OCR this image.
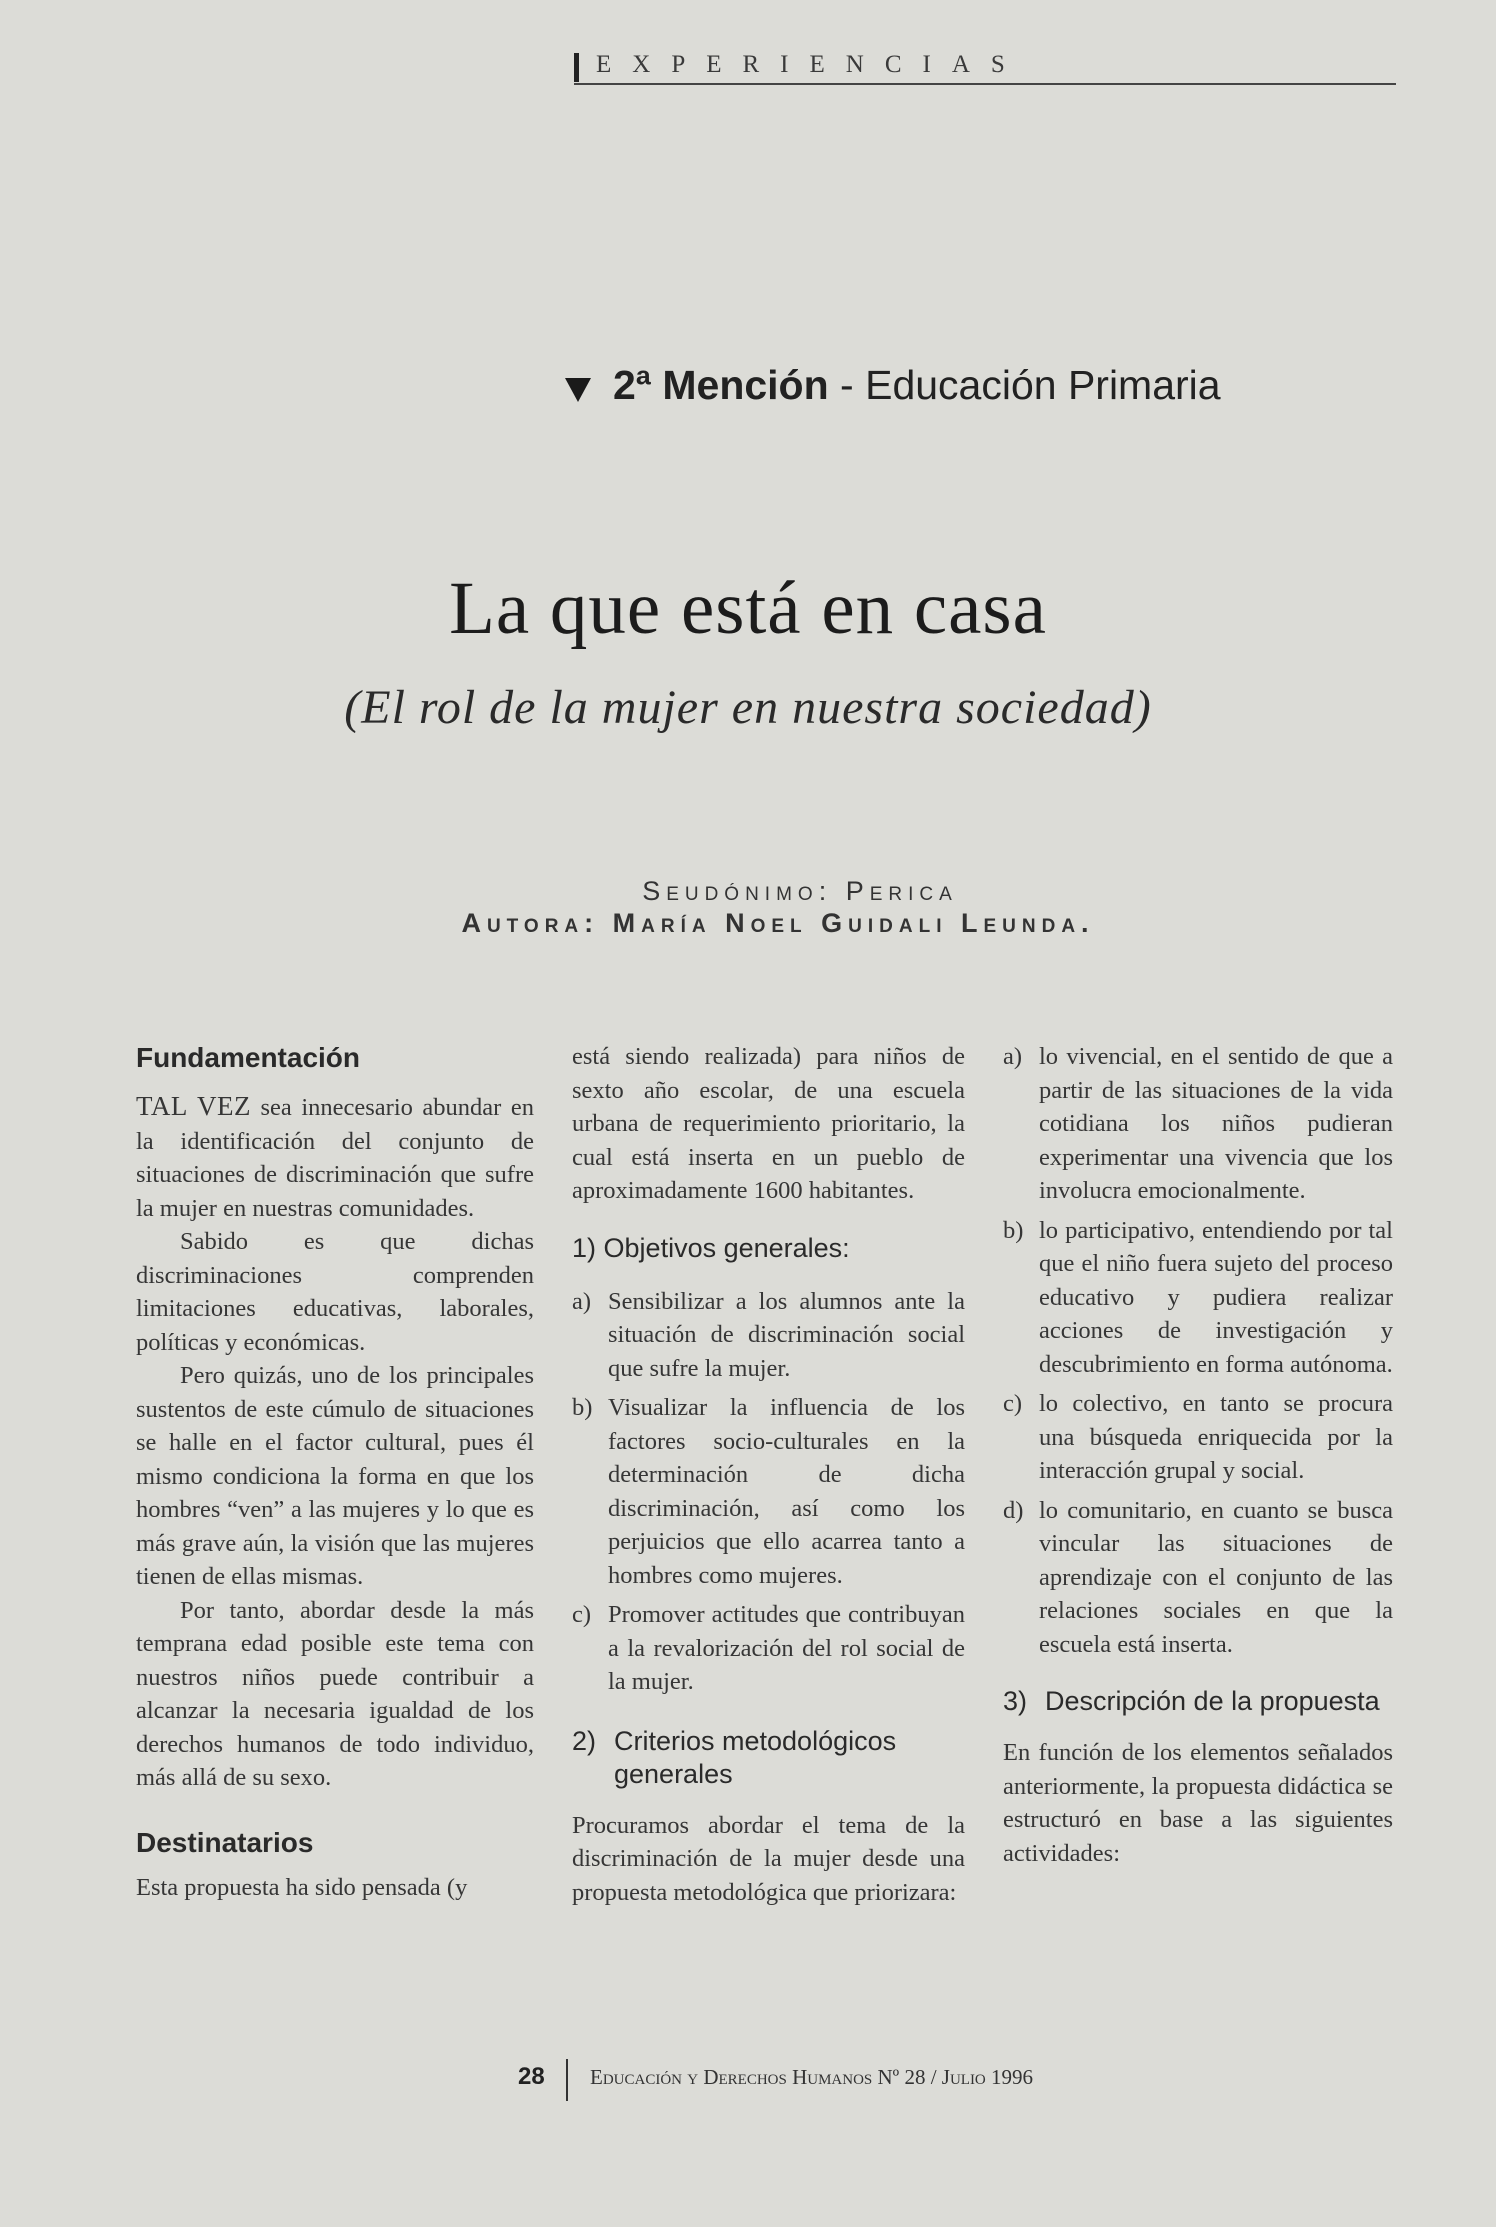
EXPERIENCIAS
2ª Mención - Educación Primaria
La que está en casa
(El rol de la mujer en nuestra sociedad)
Seudónimo: Perica
Autora: María Noel Guidali Leunda.
Fundamentación

TAL VEZ sea innecesario abundar en la identificación del conjunto de situaciones de discriminación que sufre la mujer en nuestras comunidades.

Sabido es que dichas discriminaciones comprenden limitaciones educativas, laborales, políticas y económicas.

Pero quizás, uno de los principales sustentos de este cúmulo de situaciones se halle en el factor cultural, pues él mismo condiciona la forma en que los hombres “ven” a las mujeres y lo que es más grave aún, la visión que las mujeres tienen de ellas mismas.

Por tanto, abordar desde la más temprana edad posible este tema con nuestros niños puede contribuir a alcanzar la necesaria igualdad de los derechos humanos de todo individuo, más allá de su sexo.

Destinatarios

Esta propuesta ha sido pensada (y

está siendo realizada) para niños de sexto año escolar, de una escuela urbana de requerimiento prioritario, la cual está inserta en un pueblo de aproximadamente 1600 habitantes.

1) Objetivos generales:
a) Sensibilizar a los alumnos ante la situación de discriminación social que sufre la mujer.
b) Visualizar la influencia de los factores socio-culturales en la determinación de dicha discriminación, así como los perjuicios que ello acarrea tanto a hombres como mujeres.
c) Promover actitudes que contribuyan a la revalorización del rol social de la mujer.
2) Criterios metodológicos generales

Procuramos abordar el tema de la discriminación de la mujer desde una propuesta metodológica que priorizara:

a) lo vivencial, en el sentido de que a partir de las situaciones de la vida cotidiana los niños pudieran experimentar una vivencia que los involucra emocionalmente.
b) lo participativo, entendiendo por tal que el niño fuera sujeto del proceso educativo y pudiera realizar acciones de investigación y descubrimiento en forma autónoma.
c) lo colectivo, en tanto se procura una búsqueda enriquecida por la interacción grupal y social.
d) lo comunitario, en cuanto se busca vincular las situaciones de aprendizaje con el conjunto de las relaciones sociales en que la escuela está inserta.
3) Descripción de la propuesta

En función de los elementos señalados anteriormente, la propuesta didáctica se estructuró en base a las siguientes actividades:

28 Educación y Derechos Humanos Nº 28 / Julio 1996
